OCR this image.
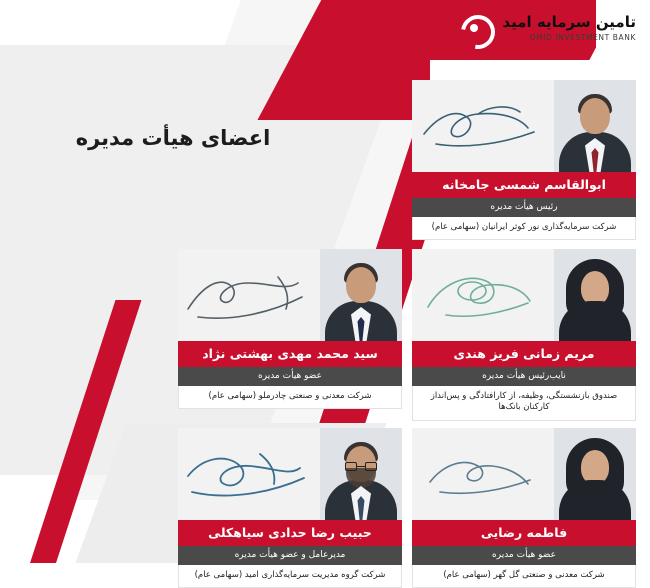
تامین سرمایه امید
OMID INVESTMENT BANK
اعضای هیأت مدیره
ابوالقاسم شمسی جامخانه
رئیس هیأت مدیره
شرکت سرمایه‌گذاری نور کوثر ایرانیان (سهامی عام)
مریم زمانی فریز هندی
نایب‌رئیس هیأت مدیره
صندوق بازنشستگی، وظیفه، از کارافتادگی و پس‌انداز کارکنان بانک‌ها
سید محمد مهدی بهشتی نژاد
عضو هیأت مدیره
شرکت معدنی و صنعتی چادرملو (سهامی عام)
فاطمه رضایی
عضو هیأت مدیره
شرکت معدنی و صنعتی گل گهر (سهامی عام)
حبیب رضا حدادی سیاهکلی
مدیرعامل و عضو هیأت مدیره
شرکت گروه مدیریت سرمایه‌گذاری امید (سهامی عام)
